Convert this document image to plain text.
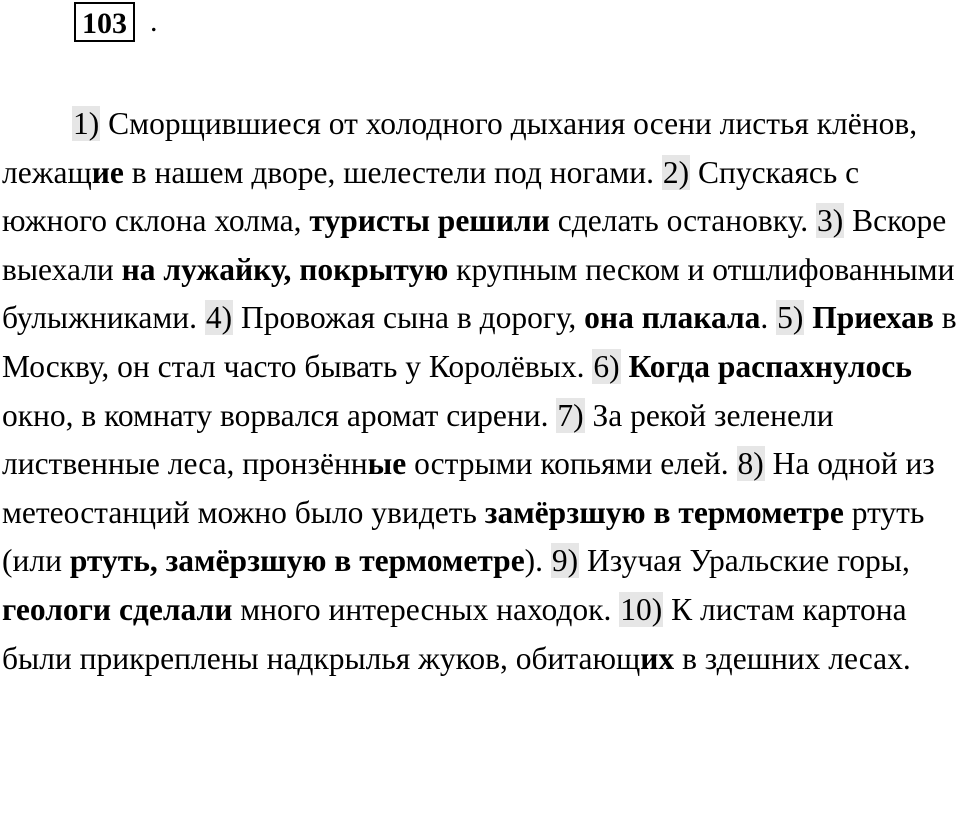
103 .

1) Сморщившиеся от холодного дыхания осени листья клёнов, лежащие в нашем дворе, шелестели под ногами. 2) Спускаясь с южного склона холма, туристы решили сделать остановку. 3) Вскоре выехали на лужайку, покрытую крупным песком и отшлифованными булыжниками. 4) Провожая сына в дорогу, она плакала. 5) Приехав в Москву, он стал часто бывать у Королёвых. 6) Когда распахнулось окно, в комнату ворвался аромат сирени. 7) За рекой зеленели лиственные леса, пронзённые острыми копьями елей. 8) На одной из метеостанций можно было увидеть замёрзшую в термометре ртуть (или ртуть, замёрзшую в термометре). 9) Изучая Уральские горы, геологи сделали много интересных находок. 10) К листам картона были прикреплены надкрылья жуков, обитающих в здешних лесах.
